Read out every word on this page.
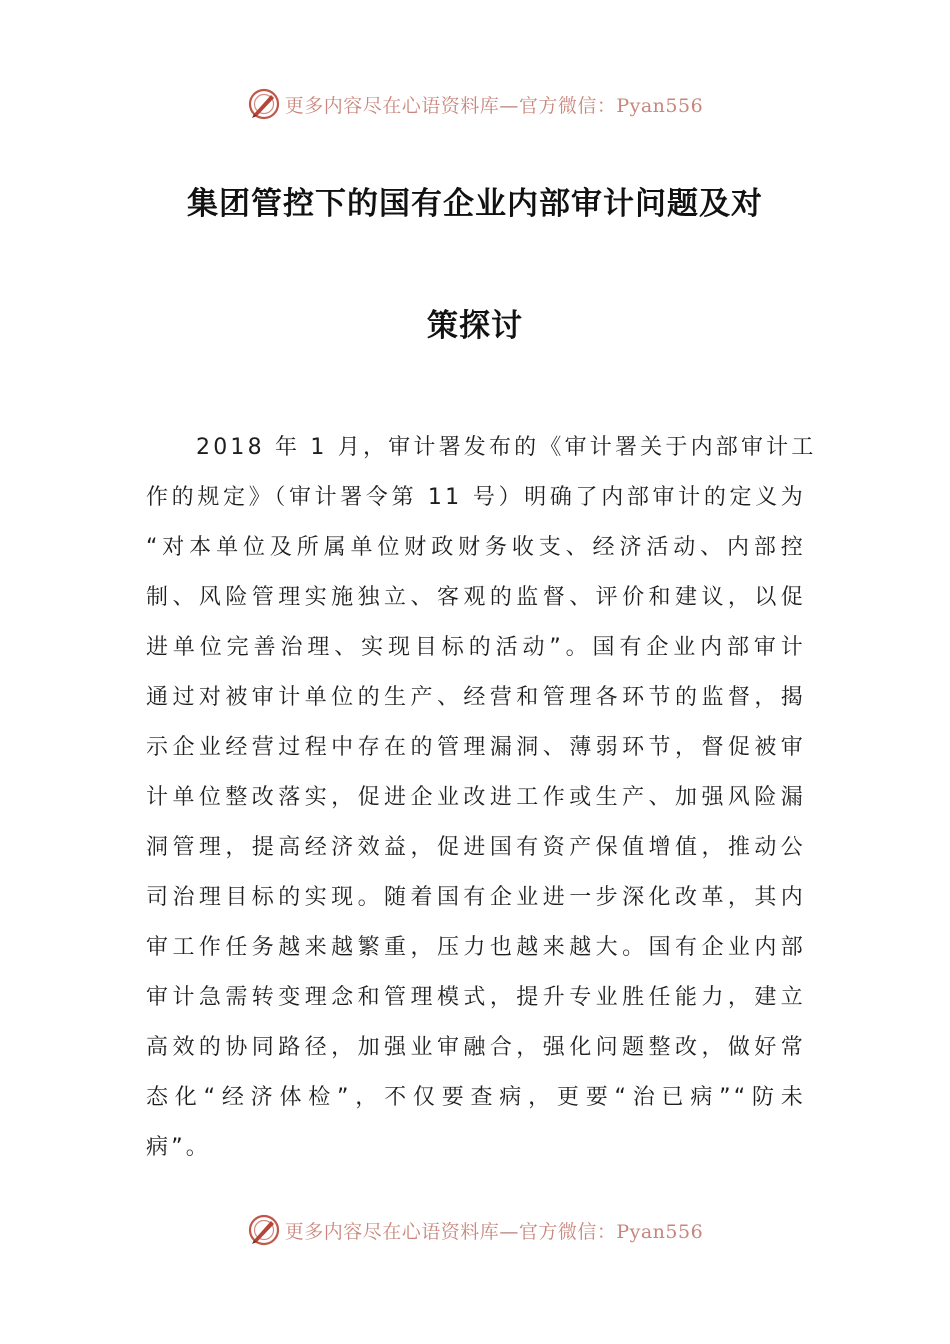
更多内容尽在心语资料库—官方微信：Pyan556
集团管控下的国有企业内部审计问题及对
策探讨
2018 年 1 月，审计署发布的《审计署关于内部审计工
作的规定》（审计署令第 11 号）明确了内部审计的定义为
“对本单位及所属单位财政财务收支、经济活动、内部控
制、风险管理实施独立、客观的监督、评价和建议，以促
进单位完善治理、实现目标的活动”。国有企业内部审计
通过对被审计单位的生产、经营和管理各环节的监督，揭
示企业经营过程中存在的管理漏洞、薄弱环节，督促被审
计单位整改落实，促进企业改进工作或生产、加强风险漏
洞管理，提高经济效益，促进国有资产保值增值，推动公
司治理目标的实现。随着国有企业进一步深化改革，其内
审工作任务越来越繁重，压力也越来越大。国有企业内部
审计急需转变理念和管理模式，提升专业胜任能力，建立
高效的协同路径，加强业审融合，强化问题整改，做好常
态化“经济体检”，不仅要查病，更要“治已病”“防未
病”。
更多内容尽在心语资料库—官方微信：Pyan556
